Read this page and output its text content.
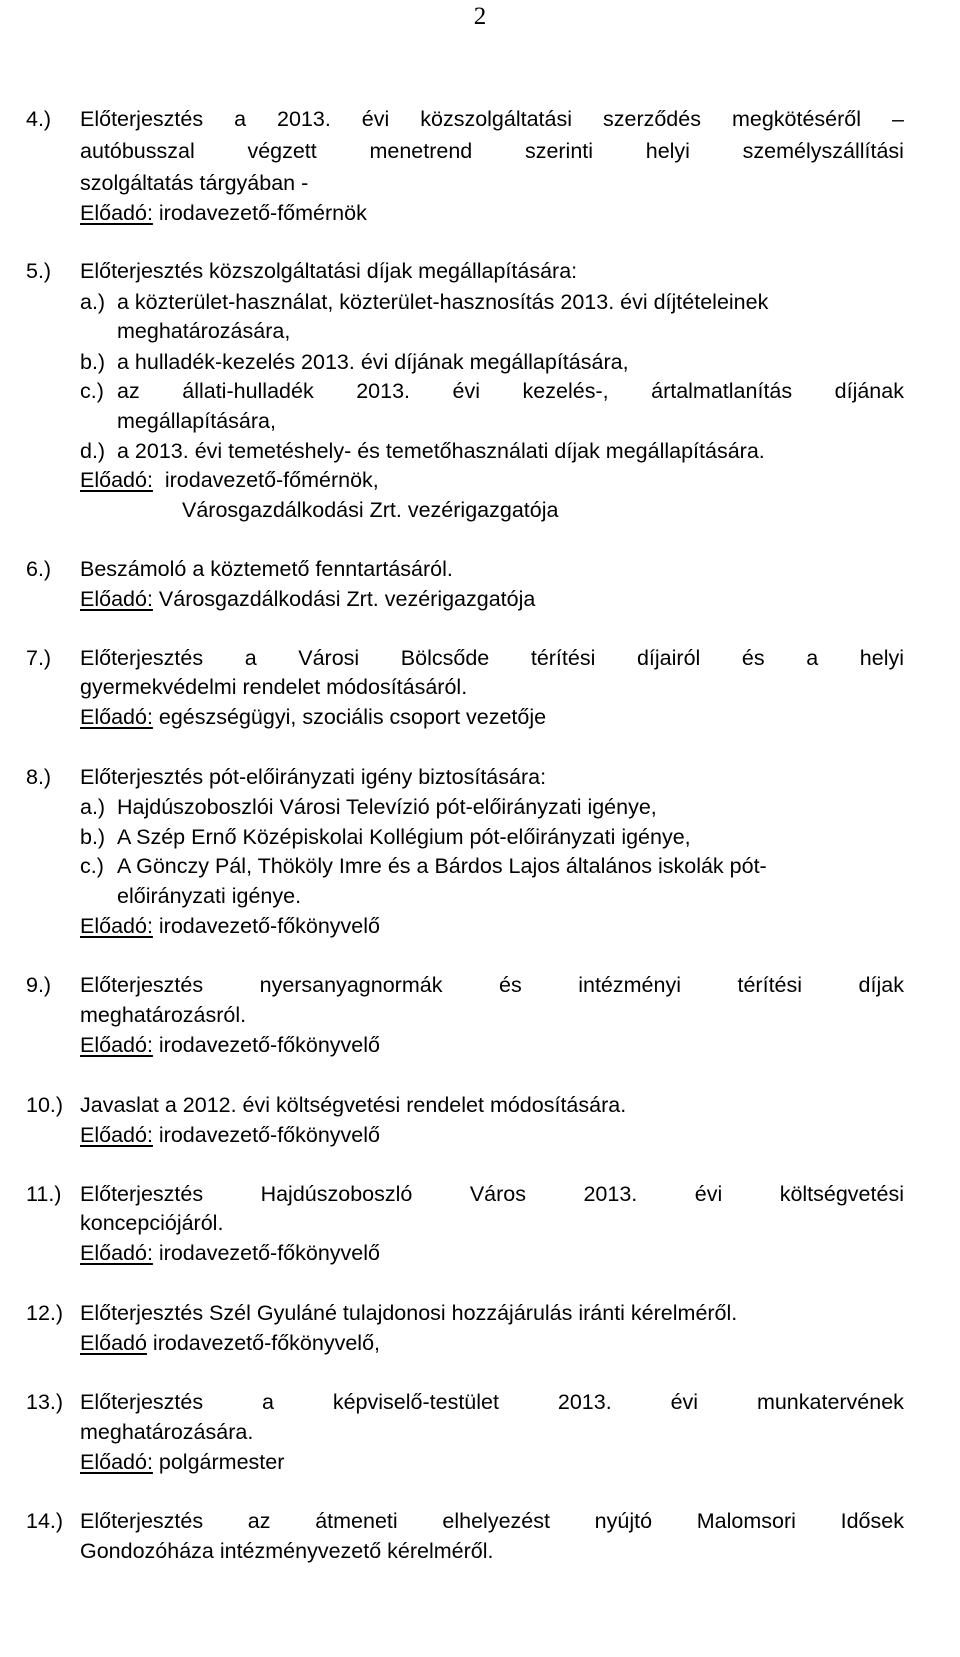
2
4.) Előterjesztés a 2013. évi közszolgáltatási szerződés megkötéséről –
autóbusszal végzett menetrend szerinti helyi személyszállítási
szolgáltatás tárgyában -
Előadó: irodavezető-főmérnök
5.) Előterjesztés közszolgáltatási díjak megállapítására:
a.) a közterület-használat, közterület-hasznosítás 2013. évi díjtételeinek
meghatározására,
b.) a hulladék-kezelés 2013. évi díjának megállapítására,
c.) az állati-hulladék 2013. évi kezelés-, ártalmatlanítás díjának
megállapítására,
d.) a 2013. évi temetéshely- és temetőhasználati díjak megállapítására.
Előadó:  irodavezető-főmérnök,
Városgazdálkodási Zrt. vezérigazgatója
6.) Beszámoló a köztemető fenntartásáról.
Előadó: Városgazdálkodási Zrt. vezérigazgatója
7.) Előterjesztés a Városi Bölcsőde térítési díjairól és a helyi
gyermekvédelmi rendelet módosításáról.
Előadó: egészségügyi, szociális csoport vezetője
8.) Előterjesztés pót-előirányzati igény biztosítására:
a.) Hajdúszoboszlói Városi Televízió pót-előirányzati igénye,
b.) A Szép Ernő Középiskolai Kollégium pót-előirányzati igénye,
c.) A Gönczy Pál, Thököly Imre és a Bárdos Lajos általános iskolák pót-
előirányzati igénye.
Előadó: irodavezető-főkönyvelő
9.) Előterjesztés	nyersanyagnormák	és	intézményi	térítési	díjak
meghatározásról.
Előadó: irodavezető-főkönyvelő
10.) Javaslat a 2012. évi költségvetési rendelet módosítására.
Előadó: irodavezető-főkönyvelő
11.) Előterjesztés	Hajdúszoboszló	Város	2013.	évi	költségvetési
koncepciójáról.
Előadó: irodavezető-főkönyvelő
12.) Előterjesztés Szél Gyuláné tulajdonosi hozzájárulás iránti kérelméről.
Előadó irodavezető-főkönyvelő,
13.) Előterjesztés	a	képviselő-testület	2013.	évi	munkatervének
meghatározására.
Előadó: polgármester
14.) Előterjesztés az átmeneti elhelyezést nyújtó Malomsori Idősek
Gondozóháza intézményvezető kérelméről.
